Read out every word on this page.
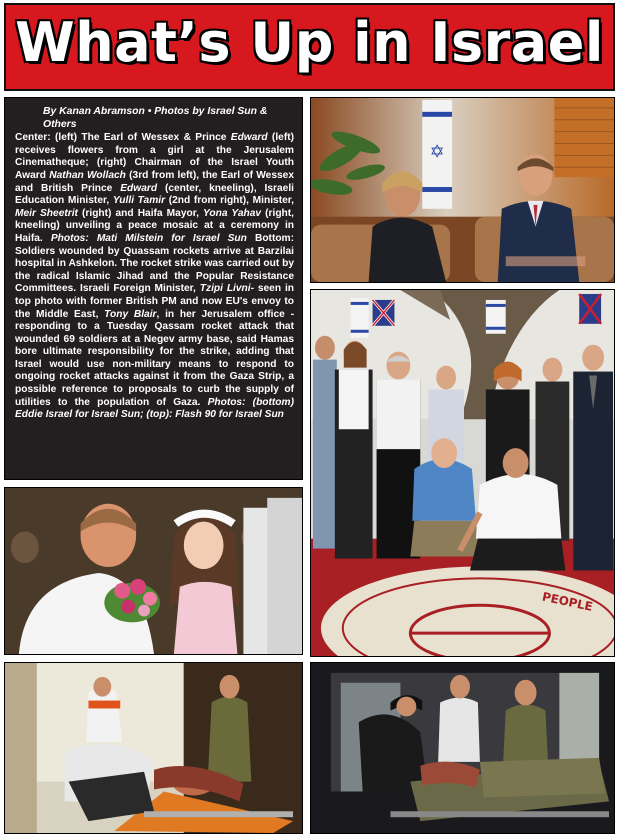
What’s Up in Israel
By Kanan Abramson • Photos by Israel Sun & Others
Center: (left) The Earl of Wessex & Prince Edward (left) receives flowers from a girl at the Jerusalem Cinematheque; (right) Chairman of the Israel Youth Award Nathan Wollach (3rd from left), the Earl of Wessex and British Prince Edward (center, kneeling), Israeli Education Minister, Yulli Tamir (2nd from right), Minister, Meir Sheetrit (right) and Haifa Mayor, Yona Yahav (right, kneeling) unveiling a peace mosaic at a ceremony in Haifa. Photos: Mati Milstein for Israel Sun Bottom: Soldiers wounded by Quassam rockets arrive at Barzilai hospital in Ashkelon. The rocket strike was carried out by the radical Islamic Jihad and the Popular Resistance Committees. Israeli Foreign Minister, Tzipi Livni- seen in top photo with former British PM and now EU's envoy to the Middle East, Tony Blair, in her Jerusalem office - responding to a Tuesday Qassam rocket attack that wounded 69 soldiers at a Negev army base, said Hamas bore ultimate responsibility for the strike, adding that Israel would use non-military means to respond to ongoing rocket attacks against it from the Gaza Strip, a possible reference to proposals to curb the supply of utilities to the population of Gaza. Photos: (bottom) Eddie Israel for Israel Sun; (top): Flash 90 for Israel Sun
✡
PEOPLE
